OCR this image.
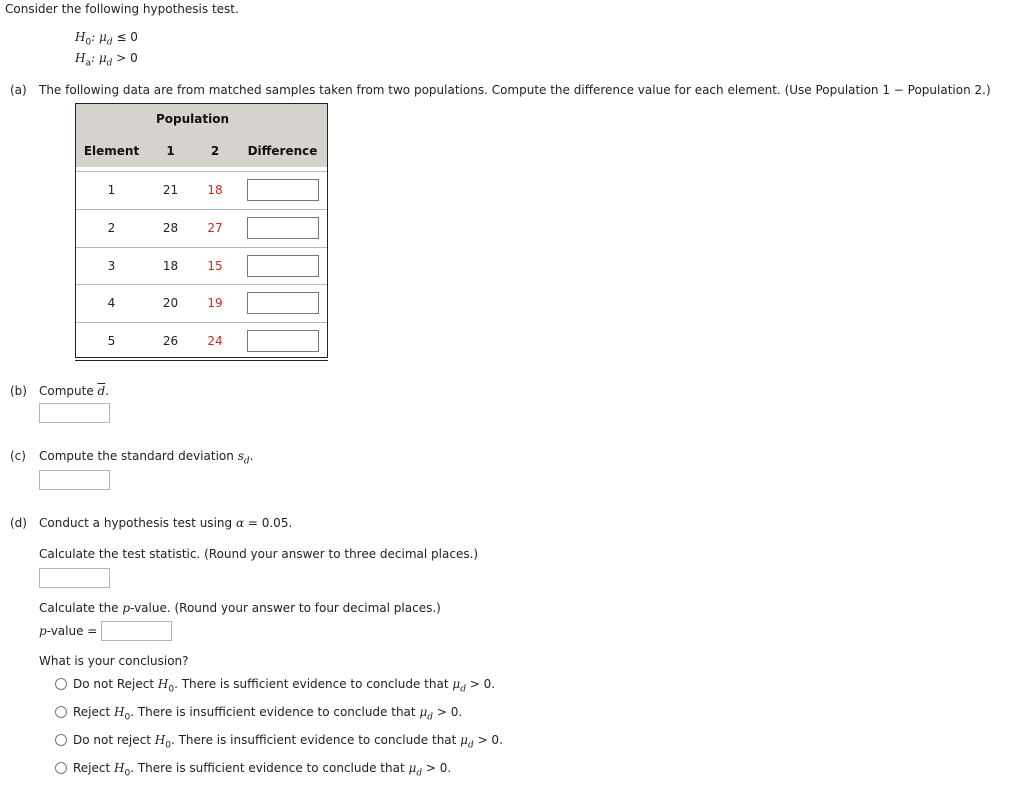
Consider the following hypothesis test.
$H_0$: $\mu_d \le 0$
$H_a$: $\mu_d > 0$
(a) The following data are from matched samples taken from two populations. Compute the difference value for each element. (Use Population 1 − Population 2.)
	Population		
Element	1	2	Difference

1	21	18	
2	28	27	
3	18	15	
4	20	19	
5	26	24	
(b) Compute $\overline{d}$.
(c) Compute the standard deviation $s_d$.
(d) Conduct a hypothesis test using α = 0.05.
Calculate the test statistic. (Round your answer to three decimal places.)
Calculate the p-value. (Round your answer to four decimal places.)
p-value =
What is your conclusion?
Do not Reject $H_0$. There is sufficient evidence to conclude that $\mu_d > 0$.
Reject $H_0$. There is insufficient evidence to conclude that $\mu_d > 0$.
Do not reject $H_0$. There is insufficient evidence to conclude that $\mu_d > 0$.
Reject $H_0$. There is sufficient evidence to conclude that $\mu_d > 0$.
